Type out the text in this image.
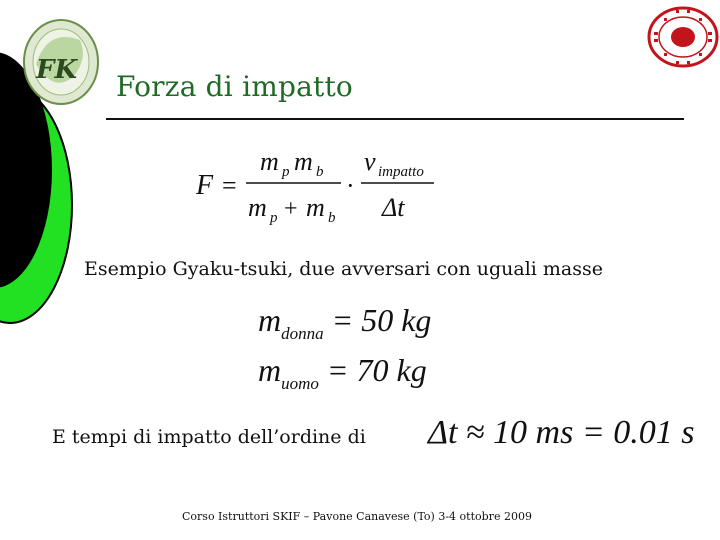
FK Forza di impatto
F =
m p m b
m p + m b
·
v impatto
Δt
Esempio Gyaku-tsuki, due avversari con uguali masse
$m_{donna} = 50$ kg
$m_{uomo} = 70$ kg
E tempi di impatto dell’ordine di Δt ≈ 10 ms = 0.01 s
Corso Istruttori SKIF – Pavone Canavese (To) 3-4 ottobre 2009
